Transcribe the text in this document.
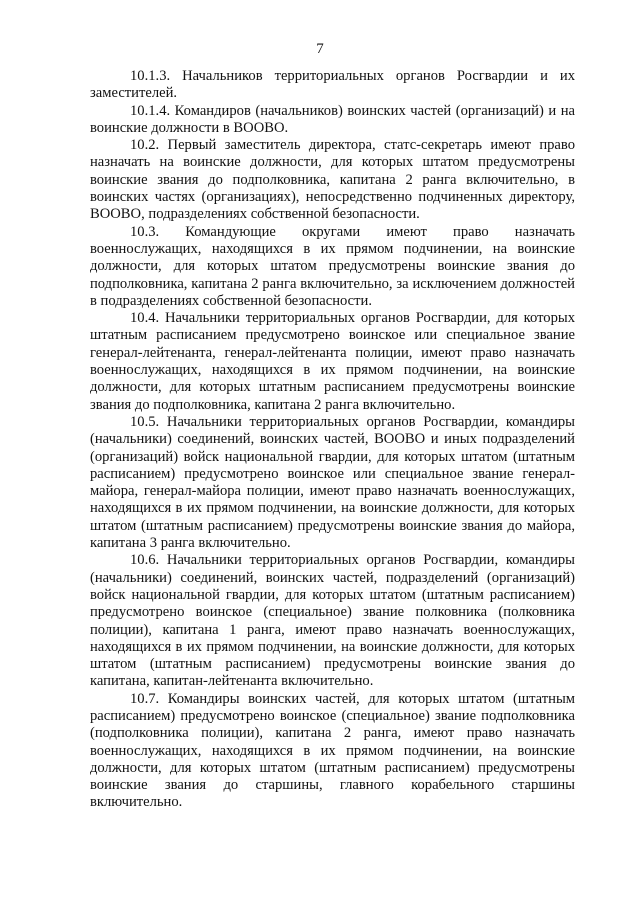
7

10.1.3. Начальников территориальных органов Росгвардии и их заместителей.

10.1.4. Командиров (начальников) воинских частей (организаций) и на воинские должности в ВООВО.

10.2. Первый заместитель директора, статс-секретарь имеют право назначать на воинские должности, для которых штатом предусмотрены воинские звания до подполковника, капитана 2 ранга включительно, в воинских частях (организациях), непосредственно подчиненных директору, ВООВО, подразделениях собственной безопасности.

10.3. Командующие округами имеют право назначать военнослужащих, находящихся в их прямом подчинении, на воинские должности, для которых штатом предусмотрены воинские звания до подполковника, капитана 2 ранга включительно, за исключением должностей в подразделениях собственной безопасности.

10.4. Начальники территориальных органов Росгвардии, для которых штатным расписанием предусмотрено воинское или специальное звание генерал-лейтенанта, генерал-лейтенанта полиции, имеют право назначать военнослужащих, находящихся в их прямом подчинении, на воинские должности, для которых штатным расписанием предусмотрены воинские звания до подполковника, капитана 2 ранга включительно.

10.5. Начальники территориальных органов Росгвардии, командиры (начальники) соединений, воинских частей, ВООВО и иных подразделений (организаций) войск национальной гвардии, для которых штатом (штатным расписанием) предусмотрено воинское или специальное звание генерал-майора, генерал-майора полиции, имеют право назначать военнослужащих, находящихся в их прямом подчинении, на воинские должности, для которых штатом (штатным расписанием) предусмотрены воинские звания до майора, капитана 3 ранга включительно.

10.6. Начальники территориальных органов Росгвардии, командиры (начальники) соединений, воинских частей, подразделений (организаций) войск национальной гвардии, для которых штатом (штатным расписанием) предусмотрено воинское (специальное) звание полковника (полковника полиции), капитана 1 ранга, имеют право назначать военнослужащих, находящихся в их прямом подчинении, на воинские должности, для которых штатом (штатным расписанием) предусмотрены воинские звания до капитана, капитан-лейтенанта включительно.

10.7. Командиры воинских частей, для которых штатом (штатным расписанием) предусмотрено воинское (специальное) звание подполковника (подполковника полиции), капитана 2 ранга, имеют право назначать военнослужащих, находящихся в их прямом подчинении, на воинские должности, для которых штатом (штатным расписанием) предусмотрены воинские звания до старшины, главного корабельного старшины включительно.
